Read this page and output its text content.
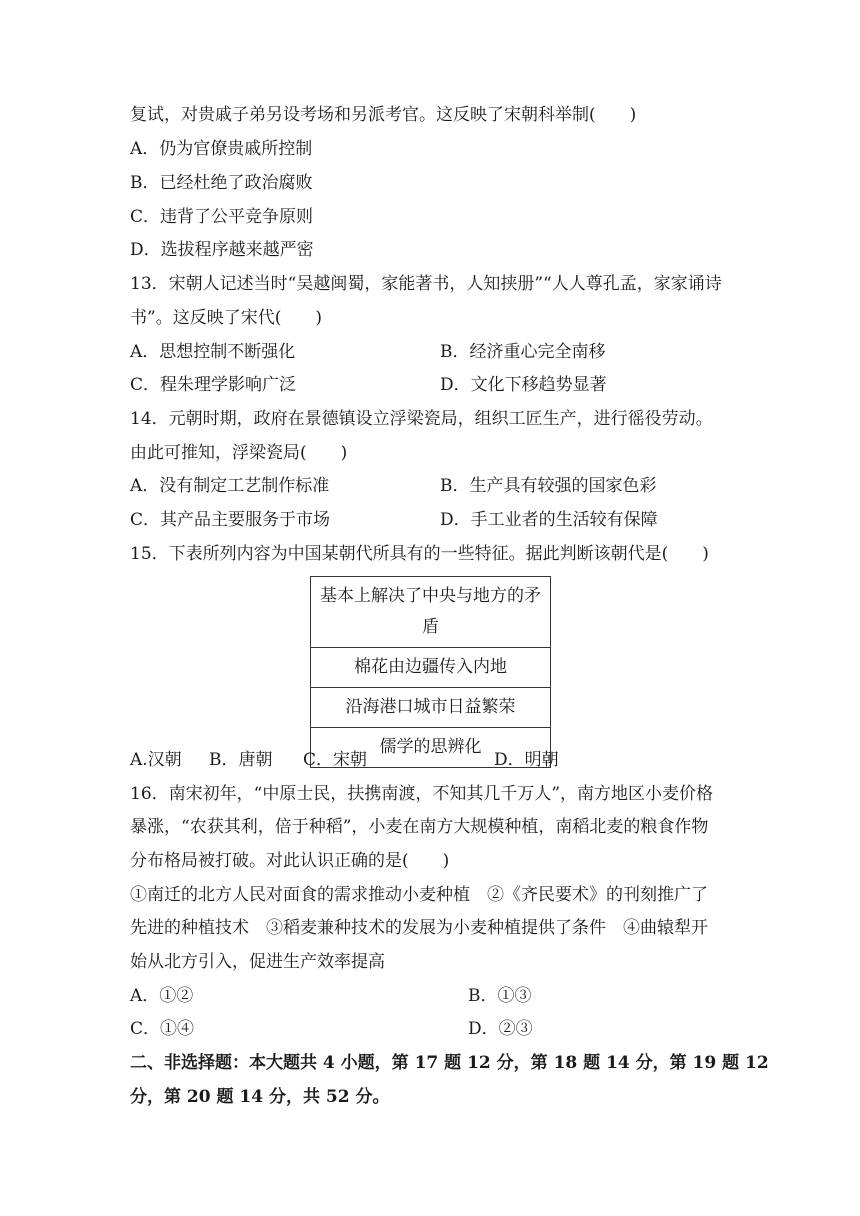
复试，对贵戚子弟另设考场和另派考官。这反映了宋朝科举制(　　)
A．仍为官僚贵戚所控制
B．已经杜绝了政治腐败
C．违背了公平竞争原则
D．选拔程序越来越严密
13．宋朝人记述当时“吴越闽蜀，家能著书，人知挟册”“人人尊孔孟，家家诵诗
书”。这反映了宋代(　　)
A．思想控制不断强化	B．经济重心完全南移
C．程朱理学影响广泛	D．文化下移趋势显著
14．元朝时期，政府在景德镇设立浮梁瓷局，组织工匠生产，进行徭役劳动。
由此可推知，浮梁瓷局(　　)
A．没有制定工艺制作标准	B．生产具有较强的国家色彩
C．其产品主要服务于市场	D．手工业者的生活较有保障
15．下表所列内容为中国某朝代所具有的一些特征。据此判断该朝代是(　　)
基本上解决了中央与地方的矛盾
棉花由边疆传入内地
沿海港口城市日益繁荣
儒学的思辨化
A.汉朝 B．唐朝 C．宋朝	D．明朝
16．南宋初年，“中原士民，扶携南渡，不知其几千万人”，南方地区小麦价格
暴涨，“农获其利，倍于种稻”，小麦在南方大规模种植，南稻北麦的粮食作物
分布格局被打破。对此认识正确的是(　　)
①南迁的北方人民对面食的需求推动小麦种植　②《齐民要术》的刊刻推广了
先进的种植技术　③稻麦兼种技术的发展为小麦种植提供了条件　④曲辕犁开
始从北方引入，促进生产效率提高
A．①②	B．①③
C．①④	D．②③
二、非选择题：本大题共 4 小题，第 17 题 12 分，第 18 题 14 分，第 19 题 12
分，第 20 题 14 分，共 52 分。
